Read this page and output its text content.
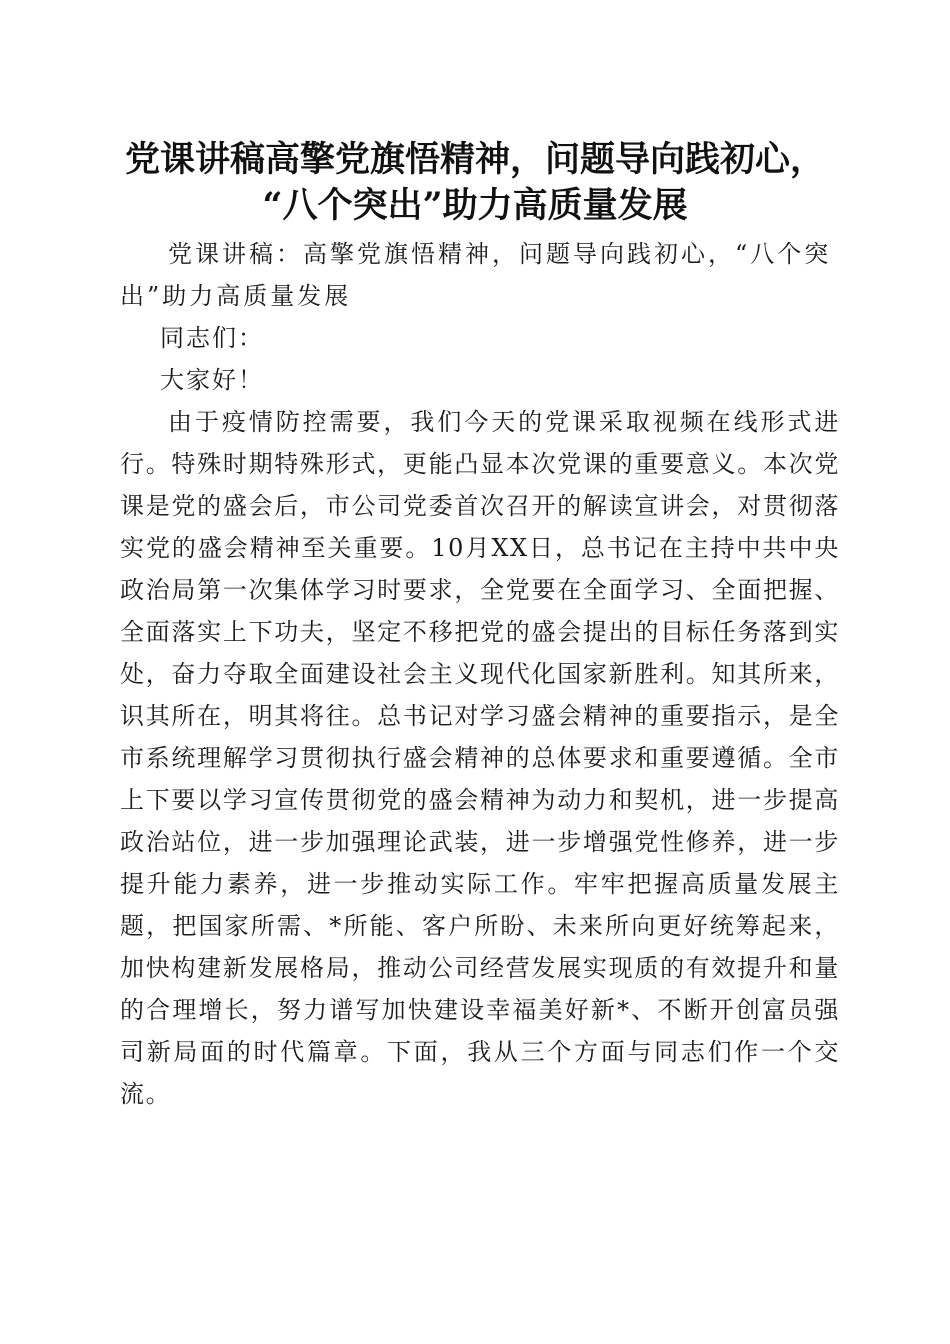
党课讲稿高擎党旗悟精神，问题导向践初心，
“八个突出”助力高质量发展

党课讲稿：高擎党旗悟精神，问题导向践初心，“八个突出”助力高质量发展

同志们：

大家好！

由于疫情防控需要，我们今天的党课采取视频在线形式进行。特殊时期特殊形式，更能凸显本次党课的重要意义。本次党课是党的盛会后，市公司党委首次召开的解读宣讲会，对贯彻落实党的盛会精神至关重要。10月XX日，总书记在主持中共中央政治局第一次集体学习时要求，全党要在全面学习、全面把握、全面落实上下功夫，坚定不移把党的盛会提出的目标任务落到实处，奋力夺取全面建设社会主义现代化国家新胜利。知其所来，识其所在，明其将往。总书记对学习盛会精神的重要指示，是全市系统理解学习贯彻执行盛会精神的总体要求和重要遵循。全市上下要以学习宣传贯彻党的盛会精神为动力和契机，进一步提高政治站位，进一步加强理论武装，进一步增强党性修养，进一步提升能力素养，进一步推动实际工作。牢牢把握高质量发展主题，把国家所需、*所能、客户所盼、未来所向更好统筹起来，加快构建新发展格局，推动公司经营发展实现质的有效提升和量的合理增长，努力谱写加快建设幸福美好新*、不断开创富员强司新局面的时代篇章。下面，我从三个方面与同志们作一个交流。
